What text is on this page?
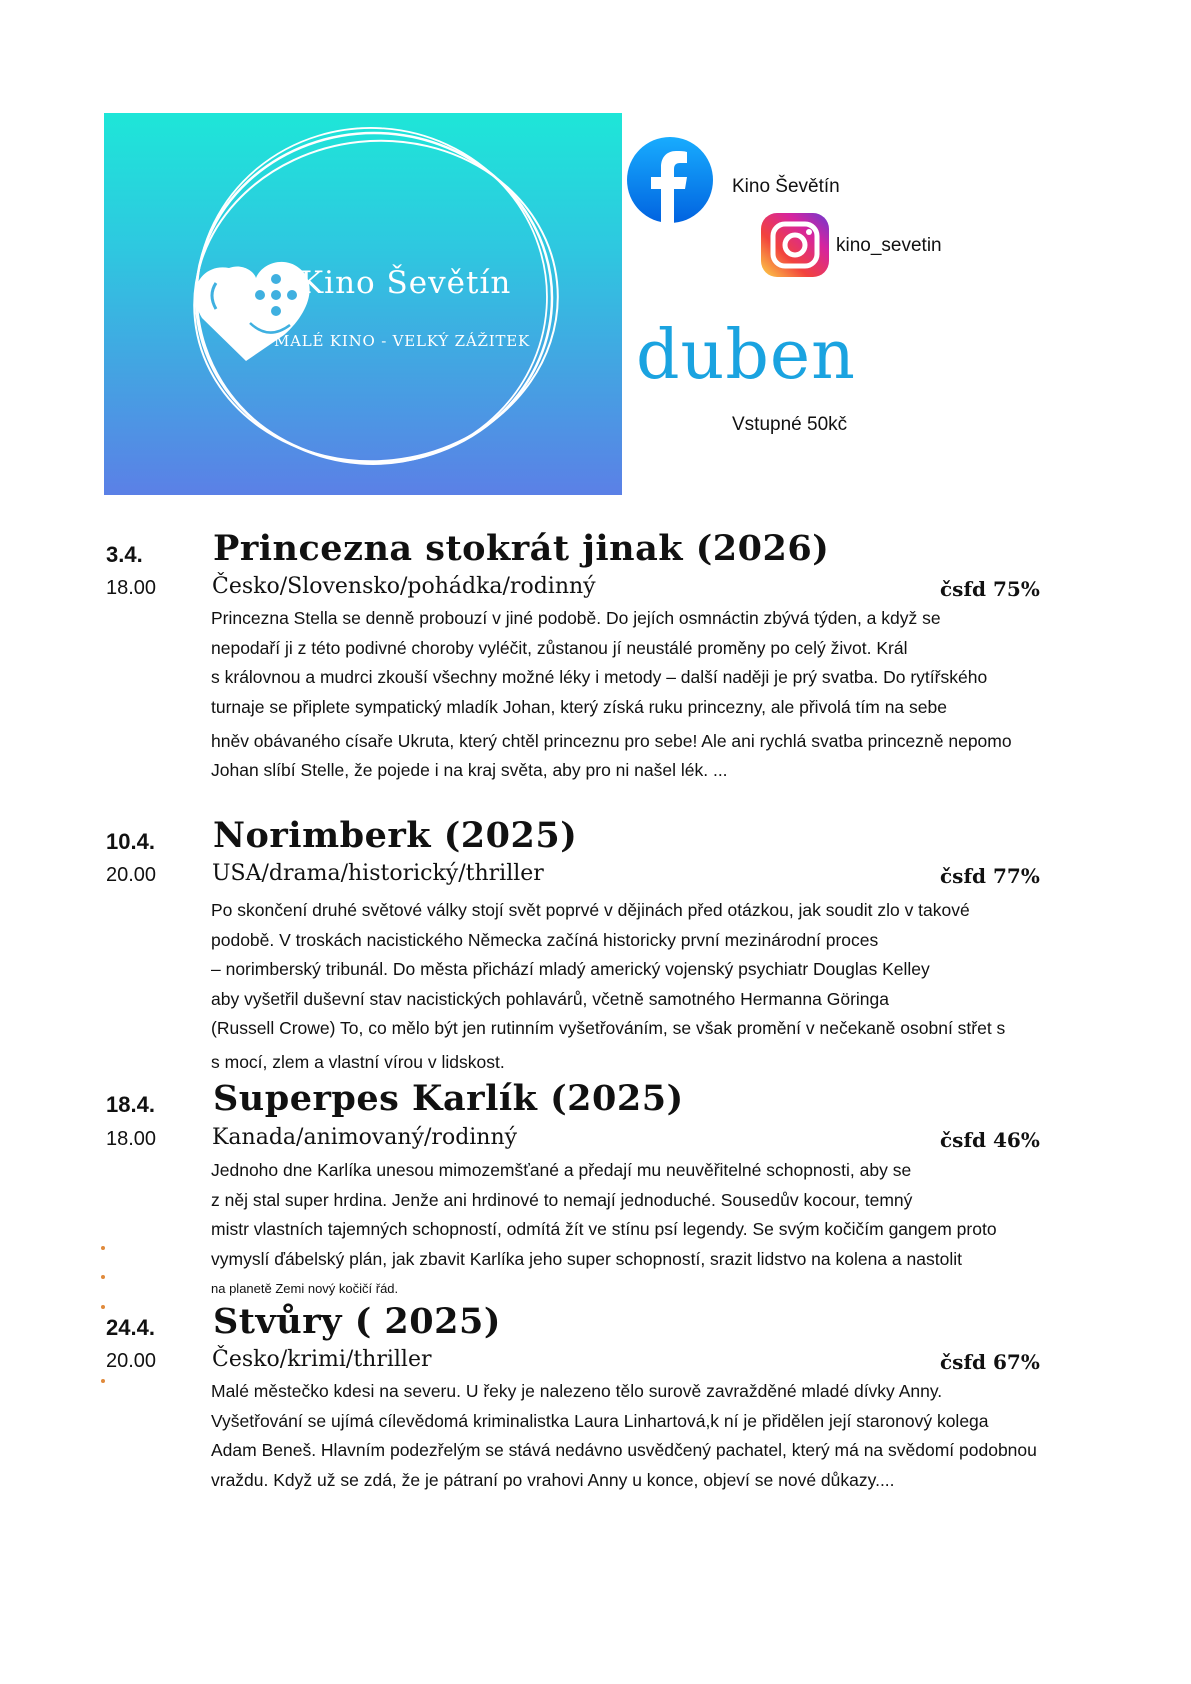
Kino Ševětín
MALÉ KINO - VELKÝ ZÁŽITEK
Kino Ševětín
kino_sevetin
duben
Vstupné 50kč
3.4. Princezna stokrát jinak (2026)
18.00	Česko/Slovensko/pohádka/rodinný	čsfd 75%
Princezna Stella se denně probouzí v jiné podobě. Do jejích osmnáctin zbývá týden, a když se
nepodaří ji z této podivné choroby vyléčit, zůstanou jí neustálé proměny po celý život. Král
s královnou a mudrci zkouší všechny možné léky i metody – další naději je prý svatba. Do rytířského
turnaje se připlete sympatický mladík Johan, který získá ruku princezny, ale přivolá tím na sebe
hněv obávaného císaře Ukruta, který chtěl princeznu pro sebe! Ale ani rychlá svatba princezně nepomo
Johan slíbí Stelle, že pojede i na kraj světa, aby pro ni našel lék. ...
10.4. Norimberk (2025)
20.00	USA/drama/historický/thriller	čsfd 77%
Po skončení druhé světové války stojí svět poprvé v dějinách před otázkou, jak soudit zlo v takové
podobě. V troskách nacistického Německa začíná historicky první mezinárodní proces
– norimberský tribunál. Do města přichází mladý americký vojenský psychiatr Douglas Kelley
aby vyšetřil duševní stav nacistických pohlavárů, včetně samotného Hermanna Göringa
(Russell Crowe) To, co mělo být jen rutinním vyšetřováním, se však promění v nečekaně osobní střet s
s mocí, zlem a vlastní vírou v lidskost.
18.4. Superpes Karlík (2025)
18.00	Kanada/animovaný/rodinný	čsfd 46%
Jednoho dne Karlíka unesou mimozemšťané a předají mu neuvěřitelné schopnosti, aby se
z něj stal super hrdina. Jenže ani hrdinové to nemají jednoduché. Sousedův kocour, temný
mistr vlastních tajemných schopností, odmítá žít ve stínu psí legendy. Se svým kočičím gangem proto
vymyslí ďábelský plán, jak zbavit Karlíka jeho super schopností, srazit lidstvo na kolena a nastolit
na planetě Zemi nový kočičí řád.
24.4. Stvůry ( 2025)
20.00	Česko/krimi/thriller	čsfd 67%
Malé městečko kdesi na severu. U řeky je nalezeno tělo surově zavražděné mladé dívky Anny.
Vyšetřování se ujímá cílevědomá kriminalistka Laura Linhartová,k ní je přidělen její staronový kolega
Adam Beneš. Hlavním podezřelým se stává nedávno usvědčený pachatel, který má na svědomí podobnou
vraždu. Když už se zdá, že je pátraní po vrahovi Anny u konce, objeví se nové důkazy....
